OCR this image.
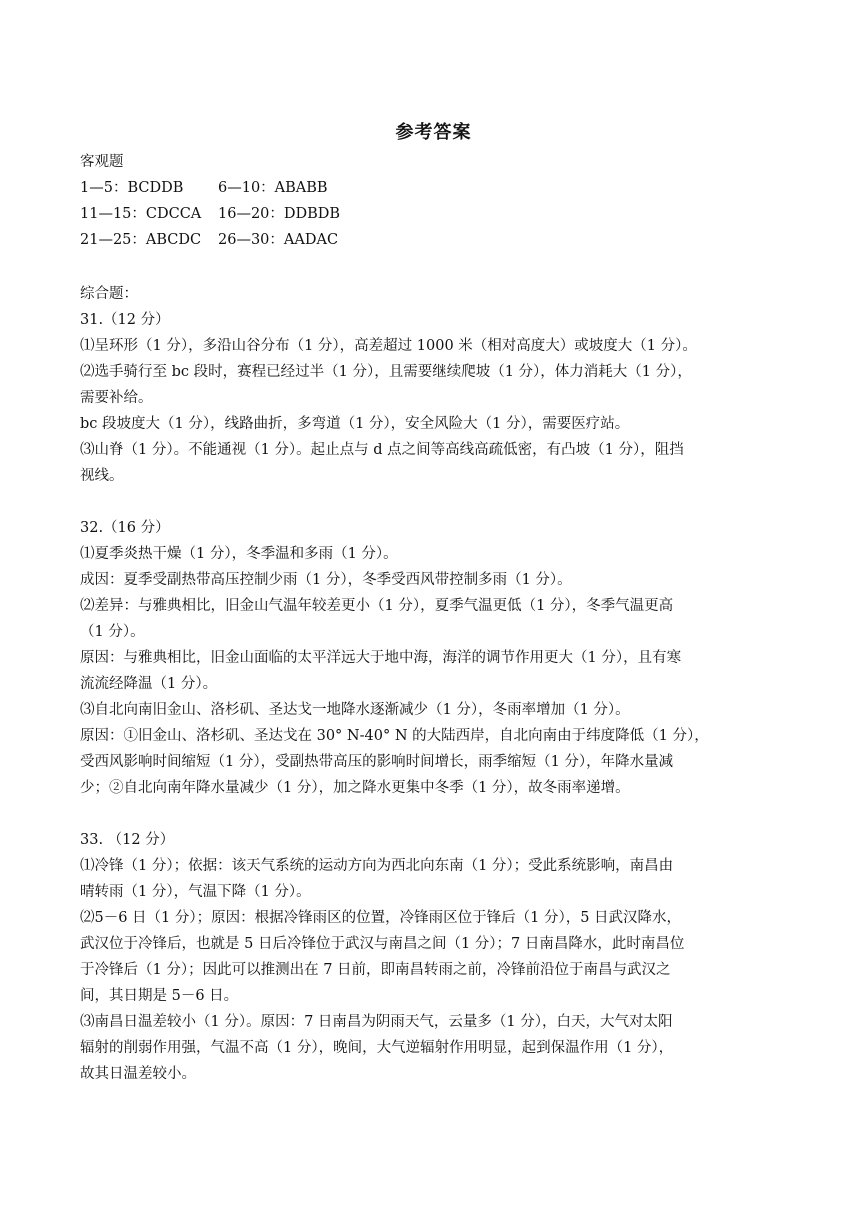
参考答案
客观题
1—5：BCDDB 6—10：ABABB
11—15：CDCCA 16—20：DDBDB
21—25：ABCDC 26—30：AADAC
综合题：
31.（12 分）
⑴呈环形（1 分），多沿山谷分布（1 分），高差超过 1000 米（相对高度大）或坡度大（1 分）。
⑵选手骑行至 bc 段时，赛程已经过半（1 分），且需要继续爬坡（1 分），体力消耗大（1 分），
需要补给。
bc 段坡度大（1 分），线路曲折，多弯道（1 分），安全风险大（1 分），需要医疗站。
⑶山脊（1 分）。不能通视（1 分）。起止点与 d 点之间等高线高疏低密，有凸坡（1 分），阻挡
视线。
32.（16 分）
⑴夏季炎热干燥（1 分），冬季温和多雨（1 分）。
成因：夏季受副热带高压控制少雨（1 分），冬季受西风带控制多雨（1 分）。
⑵差异：与雅典相比，旧金山气温年较差更小（1 分），夏季气温更低（1 分），冬季气温更高
（1 分）。
原因：与雅典相比，旧金山面临的太平洋远大于地中海，海洋的调节作用更大（1 分），且有寒
流流经降温（1 分）。
⑶自北向南旧金山、洛杉矶、圣达戈一地降水逐渐减少（1 分），冬雨率增加（1 分）。
原因：①旧金山、洛杉矶、圣达戈在 30° N-40° N 的大陆西岸，自北向南由于纬度降低（1 分），
受西风影响时间缩短（1 分），受副热带高压的影响时间增长，雨季缩短（1 分），年降水量减
少；②自北向南年降水量减少（1 分），加之降水更集中冬季（1 分），故冬雨率递增。
33. （12 分）
⑴冷锋（1 分）；依据：该天气系统的运动方向为西北向东南（1 分）；受此系统影响，南昌由
晴转雨（1 分），气温下降（1 分）。
⑵5－6 日（1 分）；原因：根据冷锋雨区的位置，冷锋雨区位于锋后（1 分），5 日武汉降水，
武汉位于冷锋后，也就是 5 日后冷锋位于武汉与南昌之间（1 分）；7 日南昌降水，此时南昌位
于冷锋后（1 分）；因此可以推测出在 7 日前，即南昌转雨之前，冷锋前沿位于南昌与武汉之
间，其日期是 5－6 日。
⑶南昌日温差较小（1 分）。原因：7 日南昌为阴雨天气，云量多（1 分），白天，大气对太阳
辐射的削弱作用强，气温不高（1 分），晚间，大气逆辐射作用明显，起到保温作用（1 分），
故其日温差较小。
